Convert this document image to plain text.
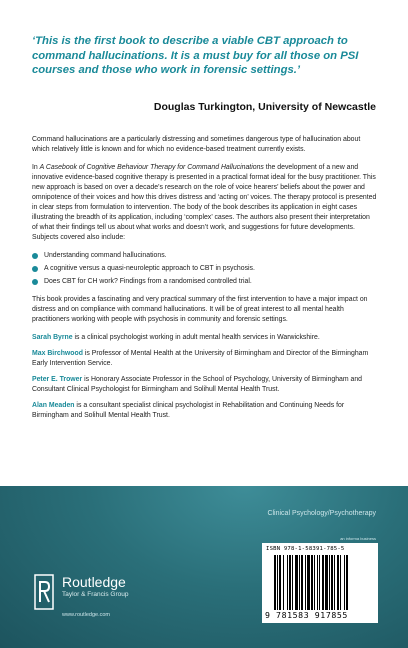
‘This is the first book to describe a viable CBT approach to command hallucinations. It is a must buy for all those on PSI courses and those who work in forensic settings.’
Douglas Turkington, University of Newcastle

Command hallucinations are a particularly distressing and sometimes dangerous type of hallucination about which relatively little is known and for which no evidence-based treatment currently exists.

In A Casebook of Cognitive Behaviour Therapy for Command Hallucinations the development of a new and innovative evidence-based cognitive therapy is presented in a practical format ideal for the busy practitioner. This new approach is based on over a decade’s research on the role of voice hearers’ beliefs about the power and omnipotence of their voices and how this drives distress and ‘acting on’ voices. The therapy protocol is presented in clear steps from formulation to intervention. The body of the book describes its application in eight cases illustrating the breadth of its application, including ‘complex’ cases. The authors also present their interpretation of what their findings tell us about what works and doesn’t work, and suggestions for future developments. Subjects covered also include:

Understanding command hallucinations.
A cognitive versus a quasi-neuroleptic approach to CBT in psychosis.
Does CBT for CH work? Findings from a randomised controlled trial.

This book provides a fascinating and very practical summary of the first intervention to have a major impact on distress and on compliance with command hallucinations. It will be of great interest to all mental health practitioners working with people with psychosis in community and forensic settings.

Sarah Byrne is a clinical psychologist working in adult mental health services in Warwickshire.

Max Birchwood is Professor of Mental Health at the University of Birmingham and Director of the Birmingham Early Intervention Service.

Peter E. Trower is Honorary Associate Professor in the School of Psychology, University of Birmingham and Consultant Clinical Psychologist for Birmingham and Solihull Mental Health Trust.

Alan Meaden is a consultant specialist clinical psychologist in Rehabilitation and Continuing Needs for Birmingham and Solihull Mental Health Trust.

Clinical Psychology/Psychotherapy
an informa business
ISBN 978-1-58391-785-5
9 781583 917855
Routledge
Taylor & Francis Group
www.routledge.com
